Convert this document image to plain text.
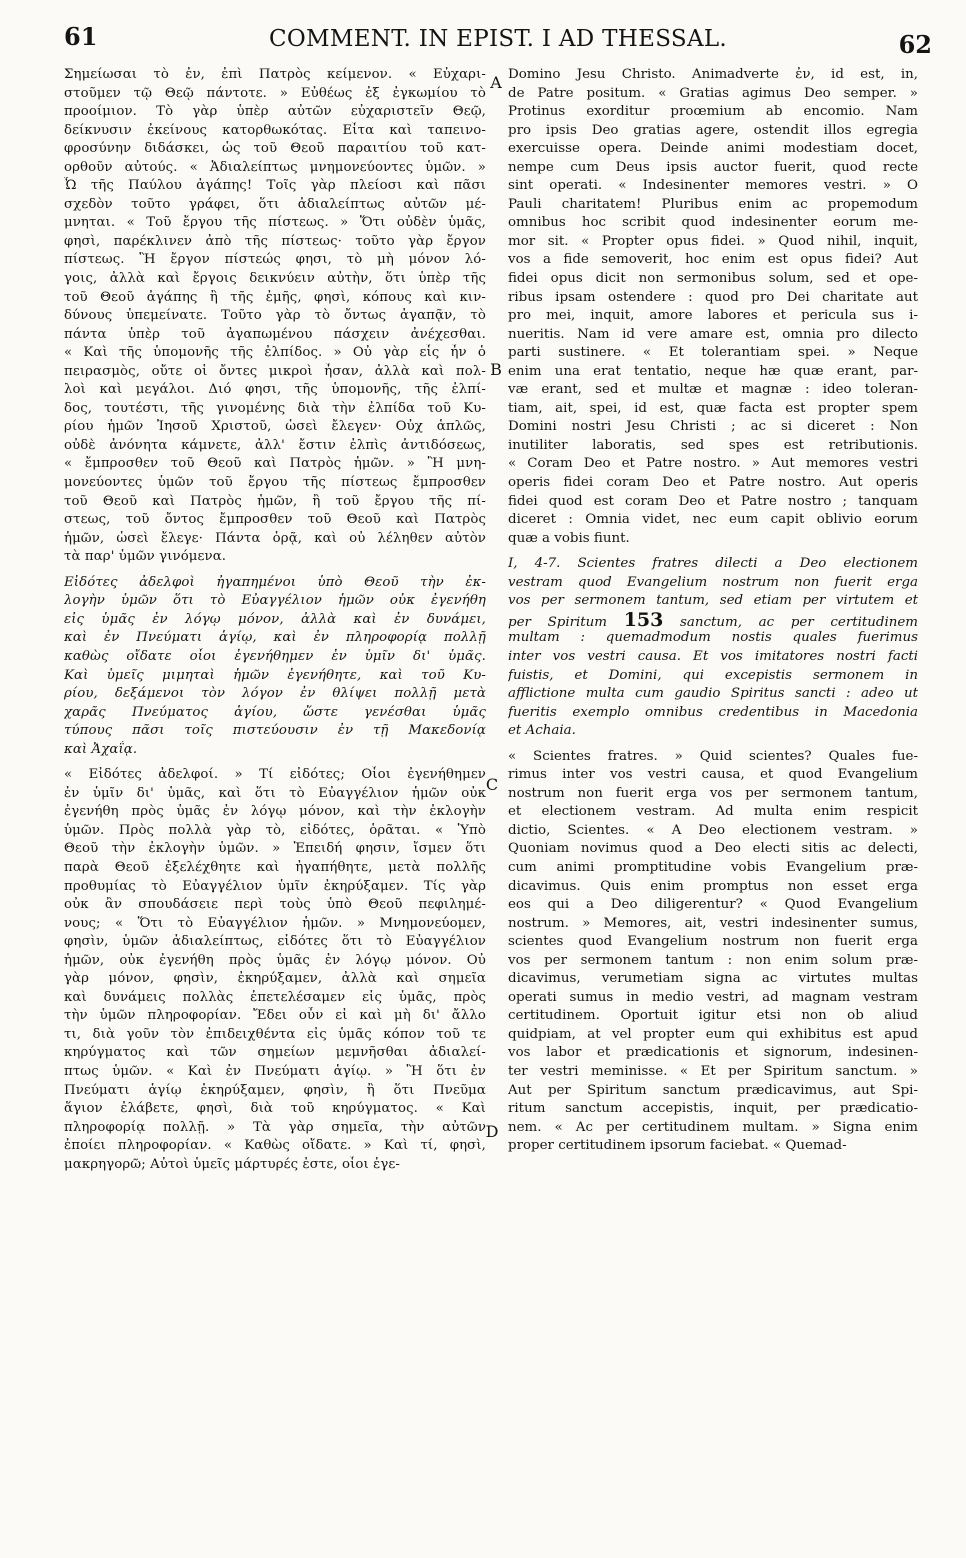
61	COMMENT. IN EPIST. I AD THESSAL.	62
A
B
C
D
Σημείωσαι τὸ ἐν, ἐπὶ Πατρὸς κείμενον. « Εὐχαρι-
στοῦμεν τῷ Θεῷ πάντοτε. » Εὐθέως ἐξ ἐγκωμίου τὸ
προοίμιον. Τὸ γὰρ ὑπὲρ αὐτῶν εὐχαριστεῖν Θεῷ,
δείκνυσιν ἐκείνους κατορθωκότας. Εἶτα καὶ ταπεινο-
φροσύνην διδάσκει, ὡς τοῦ Θεοῦ παραιτίου τοῦ κατ-
ορθοῦν αὐτούς. « Ἀδιαλείπτως μνημονεύοντες ὑμῶν. »
Ὦ τῆς Παύλου ἀγάπης! Τοῖς γὰρ πλείοσι καὶ πᾶσι
σχεδὸν τοῦτο γράφει, ὅτι ἀδιαλείπτως αὐτῶν μέ-
μνηται. « Τοῦ ἔργου τῆς πίστεως. » Ὅτι οὐδὲν ὑμᾶς,
φησὶ, παρέκλινεν ἀπὸ τῆς πίστεως· τοῦτο γὰρ ἔργον
πίστεως. Ἢ ἔργον πίστεώς φησι, τὸ μὴ μόνον λό-
γοις, ἀλλὰ καὶ ἔργοις δεικνύειν αὐτὴν, ὅτι ὑπὲρ τῆς
τοῦ Θεοῦ ἀγάπης ἢ τῆς ἐμῆς, φησὶ, κόπους καὶ κιν-
δύνους ὑπεμείνατε. Τοῦτο γὰρ τὸ ὄντως ἀγαπᾷν, τὸ
πάντα ὑπὲρ τοῦ ἀγαπωμένου πάσχειν ἀνέχεσθαι.
« Καὶ τῆς ὑπομονῆς τῆς ἐλπίδος. » Οὐ γὰρ εἷς ἦν ὁ
πειρασμὸς, οὔτε οἱ ὄντες μικροὶ ἦσαν, ἀλλὰ καὶ πολ-
λοὶ καὶ μεγάλοι. Διό φησι, τῆς ὑπομονῆς, τῆς ἐλπί-
δος, τουτέστι, τῆς γινομένης διὰ τὴν ἐλπίδα τοῦ Κυ-
ρίου ἡμῶν Ἰησοῦ Χριστοῦ, ὡσεὶ ἔλεγεν· Οὐχ ἁπλῶς,
οὐδὲ ἀνόνητα κάμνετε, ἀλλ' ἔστιν ἐλπὶς ἀντιδόσεως,
« ἔμπροσθεν τοῦ Θεοῦ καὶ Πατρὸς ἡμῶν. » Ἢ μνη-
μονεύοντες ὑμῶν τοῦ ἔργου τῆς πίστεως ἔμπροσθεν
τοῦ Θεοῦ καὶ Πατρὸς ἡμῶν, ἢ τοῦ ἔργου τῆς πί-
στεως, τοῦ ὄντος ἔμπροσθεν τοῦ Θεοῦ καὶ Πατρὸς
ἡμῶν, ὡσεὶ ἔλεγε· Πάντα ὁρᾷ, καὶ οὐ λέληθεν αὐτὸν
τὰ παρ' ὑμῶν γινόμενα.
Εἰδότες ἀδελφοὶ ἠγαπημένοι ὑπὸ Θεοῦ τὴν ἐκ-
λογὴν ὑμῶν ὅτι τὸ Εὐαγγέλιον ἡμῶν οὐκ ἐγενήθη
εἰς ὑμᾶς ἐν λόγῳ μόνον, ἀλλὰ καὶ ἐν δυνάμει,
καὶ ἐν Πνεύματι ἁγίῳ, καὶ ἐν πληροφορίᾳ πολλῇ
καθὼς οἴδατε οἷοι ἐγενήθημεν ἐν ὑμῖν δι' ὑμᾶς.
Καὶ ὑμεῖς μιμηταὶ ἡμῶν ἐγενήθητε, καὶ τοῦ Κυ-
ρίου, δεξάμενοι τὸν λόγον ἐν θλίψει πολλῇ μετὰ
χαρᾶς Πνεύματος ἁγίου, ὥστε γενέσθαι ὑμᾶς
τύπους πᾶσι τοῖς πιστεύουσιν ἐν τῇ Μακεδονίᾳ
καὶ Ἀχαΐᾳ.
« Εἰδότες ἀδελφοί. » Τί εἰδότες; Οἷοι ἐγενήθημεν
ἐν ὑμῖν δι' ὑμᾶς, καὶ ὅτι τὸ Εὐαγγέλιον ἡμῶν οὐκ
ἐγενήθη πρὸς ὑμᾶς ἐν λόγῳ μόνον, καὶ τὴν ἐκλογὴν
ὑμῶν. Πρὸς πολλὰ γὰρ τὸ, εἰδότες, ὁρᾶται. « Ὑπὸ
Θεοῦ τὴν ἐκλογὴν ὑμῶν. » Ἐπειδή φησιν, ἴσμεν ὅτι
παρὰ Θεοῦ ἐξελέχθητε καὶ ἠγαπήθητε, μετὰ πολλῆς
προθυμίας τὸ Εὐαγγέλιον ὑμῖν ἐκηρύξαμεν. Τίς γὰρ
οὐκ ἂν σπουδάσειε περὶ τοὺς ὑπὸ Θεοῦ πεφιλημέ-
νους; « Ὅτι τὸ Εὐαγγέλιον ἡμῶν. » Μνημονεύομεν,
φησὶν, ὑμῶν ἀδιαλείπτως, εἰδότες ὅτι τὸ Εὐαγγέλιον
ἡμῶν, οὐκ ἐγενήθη πρὸς ὑμᾶς ἐν λόγῳ μόνον. Οὐ
γὰρ μόνον, φησὶν, ἐκηρύξαμεν, ἀλλὰ καὶ σημεῖα
καὶ δυνάμεις πολλὰς ἐπετελέσαμεν εἰς ὑμᾶς, πρὸς
τὴν ὑμῶν πληροφορίαν. Ἔδει οὖν εἰ καὶ μὴ δι' ἄλλο
τι, διὰ γοῦν τὸν ἐπιδειχθέντα εἰς ὑμᾶς κόπον τοῦ τε
κηρύγματος καὶ τῶν σημείων μεμνῆσθαι ἀδιαλεί-
πτως ὑμῶν. « Καὶ ἐν Πνεύματι ἁγίῳ. » Ἢ ὅτι ἐν
Πνεύματι ἁγίῳ ἐκηρύξαμεν, φησὶν, ἢ ὅτι Πνεῦμα
ἅγιον ἐλάβετε, φησὶ, διὰ τοῦ κηρύγματος. « Καὶ
πληροφορίᾳ πολλῇ. » Τὰ γὰρ σημεῖα, τὴν αὐτῶν
ἐποίει πληροφορίαν. « Καθὼς οἴδατε. » Καὶ τί, φησὶ,
μακρηγορῶ; Αὐτοὶ ὑμεῖς μάρτυρές ἐστε, οἷοι ἐγε-
Domino Jesu Christo. Animadverte ἐν, id est, in,
de Patre positum. « Gratias agimus Deo semper. »
Protinus exorditur proœmium ab encomio. Nam
pro ipsis Deo gratias agere, ostendit illos egregia
exercuisse opera. Deinde animi modestiam docet,
nempe cum Deus ipsis auctor fuerit, quod recte
sint operati. « Indesinenter memores vestri. » O
Pauli charitatem! Pluribus enim ac propemodum
omnibus hoc scribit quod indesinenter eorum me-
mor sit. « Propter opus fidei. » Quod nihil, inquit,
vos a fide semoverit, hoc enim est opus fidei? Aut
fidei opus dicit non sermonibus solum, sed et ope-
ribus ipsam ostendere : quod pro Dei charitate aut
pro mei, inquit, amore labores et pericula sus i-
nueritis. Nam id vere amare est, omnia pro dilecto
parti sustinere. « Et tolerantiam spei. » Neque
enim una erat tentatio, neque hæ quæ erant, par-
væ erant, sed et multæ et magnæ : ideo toleran-
tiam, ait, spei, id est, quæ facta est propter spem
Domini nostri Jesu Christi ; ac si diceret : Non
inutiliter laboratis, sed spes est retributionis.
« Coram Deo et Patre nostro. » Aut memores vestri
operis fidei coram Deo et Patre nostro. Aut operis
fidei quod est coram Deo et Patre nostro ; tanquam
diceret : Omnia videt, nec eum capit oblivio eorum
quæ a vobis fiunt.
I, 4-7. Scientes fratres dilecti a Deo electionem
vestram quod Evangelium nostrum non fuerit erga
vos per sermonem tantum, sed etiam per virtutem et
per Spiritum 153 sanctum, ac per certitudinem
multam : quemadmodum nostis quales fuerimus
inter vos vestri causa. Et vos imitatores nostri facti
fuistis, et Domini, qui excepistis sermonem in
afflictione multa cum gaudio Spiritus sancti : adeo ut
fueritis exemplo omnibus credentibus in Macedonia
et Achaia.
« Scientes fratres. » Quid scientes? Quales fue-
rimus inter vos vestri causa, et quod Evangelium
nostrum non fuerit erga vos per sermonem tantum,
et electionem vestram. Ad multa enim respicit
dictio, Scientes. « A Deo electionem vestram. »
Quoniam novimus quod a Deo electi sitis ac delecti,
cum animi promptitudine vobis Evangelium præ-
dicavimus. Quis enim promptus non esset erga
eos qui a Deo diligerentur? « Quod Evangelium
nostrum. » Memores, ait, vestri indesinenter sumus,
scientes quod Evangelium nostrum non fuerit erga
vos per sermonem tantum : non enim solum præ-
dicavimus, verumetiam signa ac virtutes multas
operati sumus in medio vestri, ad magnam vestram
certitudinem. Oportuit igitur etsi non ob aliud
quidpiam, at vel propter eum qui exhibitus est apud
vos labor et prædicationis et signorum, indesinen-
ter vestri meminisse. « Et per Spiritum sanctum. »
Aut per Spiritum sanctum prædicavimus, aut Spi-
ritum sanctum accepistis, inquit, per prædicatio-
nem. « Ac per certitudinem multam. » Signa enim
proper certitudinem ipsorum faciebat. « Quemad-
